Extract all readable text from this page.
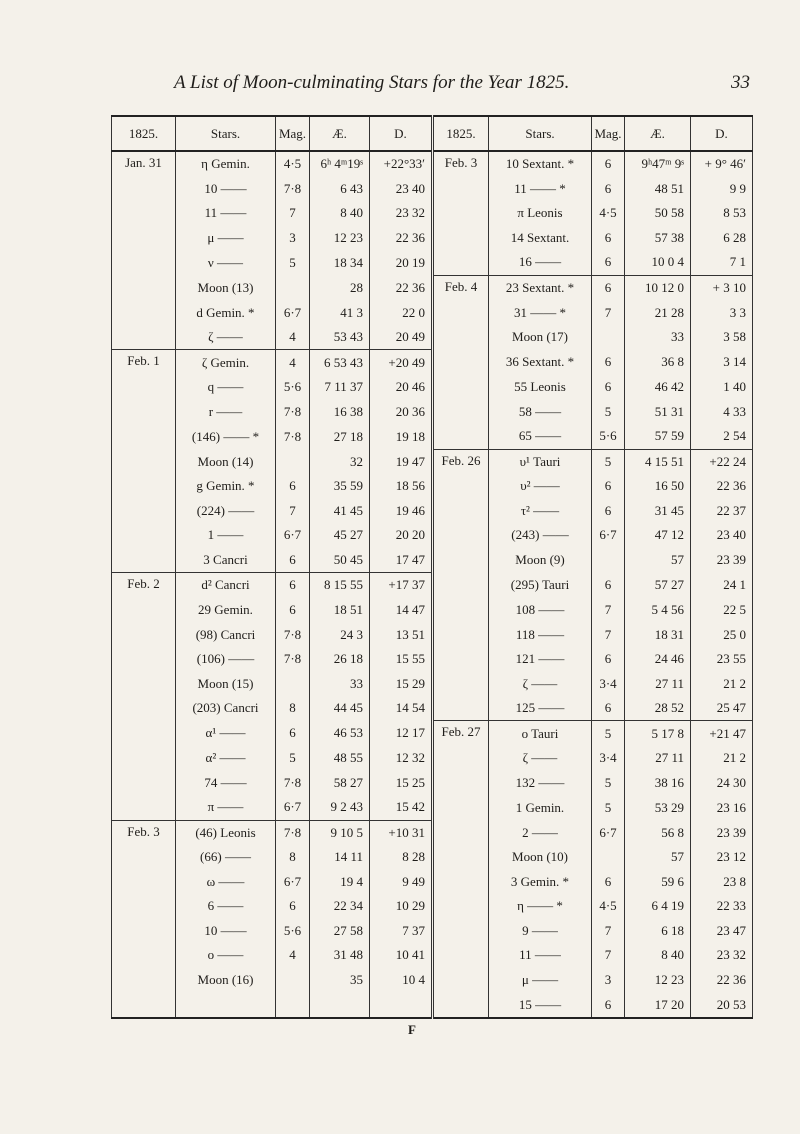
A List of Moon-culminating Stars for the Year 1825.	33
1825.	Stars.	Mag.	Æ.	D.	1825.	Stars.	Mag.	Æ.	D.
Jan. 31	η Gemin.	4·5	6ʰ 4ᵐ19ˢ	+22°33′	Feb. 3	10 Sextant. *	6	9ʰ47ᵐ 9ˢ	+ 9° 46′
	10 ——	7·8	6 43	23 40		11 —— *	6	48 51	9 9
	11 ——	7	8 40	23 32		π Leonis	4·5	50 58	8 53
	μ ——	3	12 23	22 36		14 Sextant.	6	57 38	6 28
	ν ——	5	18 34	20 19		16 ——	6	10 0 4	7 1
	Moon (13)		28	22 36	Feb. 4	23 Sextant. *	6	10 12 0	+ 3 10
	d Gemin. *	6·7	41 3	22 0		31 —— *	7	21 28	3 3
	ζ ——	4	53 43	20 49		Moon (17)		33	3 58
Feb. 1	ζ Gemin.	4	6 53 43	+20 49		36 Sextant. *	6	36 8	3 14
	q ——	5·6	7 11 37	20 46		55 Leonis	6	46 42	1 40
	r ——	7·8	16 38	20 36		58 ——	5	51 31	4 33
	(146) —— *	7·8	27 18	19 18		65 ——	5·6	57 59	2 54
	Moon (14)		32	19 47	Feb. 26	υ¹ Tauri	5	4 15 51	+22 24
	g Gemin. *	6	35 59	18 56		υ² ——	6	16 50	22 36
	(224) ——	7	41 45	19 46		τ² ——	6	31 45	22 37
	1 ——	6·7	45 27	20 20		(243) ——	6·7	47 12	23 40
	3 Cancri	6	50 45	17 47		Moon (9)		57	23 39
Feb. 2	d² Cancri	6	8 15 55	+17 37		(295) Tauri	6	57 27	24 1
	29 Gemin.	6	18 51	14 47		108 ——	7	5 4 56	22 5
	(98) Cancri	7·8	24 3	13 51		118 ——	7	18 31	25 0
	(106) ——	7·8	26 18	15 55		121 ——	6	24 46	23 55
	Moon (15)		33	15 29		ζ ——	3·4	27 11	21 2
	(203) Cancri	8	44 45	14 54		125 ——	6	28 52	25 47
	α¹ ——	6	46 53	12 17	Feb. 27	o Tauri	5	5 17 8	+21 47
	α² ——	5	48 55	12 32		ζ ——	3·4	27 11	21 2
	74 ——	7·8	58 27	15 25		132 ——	5	38 16	24 30
	π ——	6·7	9 2 43	15 42		1 Gemin.	5	53 29	23 16
Feb. 3	(46) Leonis	7·8	9 10 5	+10 31		2 ——	6·7	56 8	23 39
	(66) ——	8	14 11	8 28		Moon (10)		57	23 12
	ω ——	6·7	19 4	9 49		3 Gemin. *	6	59 6	23 8
	6 ——	6	22 34	10 29		η —— *	4·5	6 4 19	22 33
	10 ——	5·6	27 58	7 37		9 ——	7	6 18	23 47
	o ——	4	31 48	10 41		11 ——	7	8 40	23 32
	Moon (16)		35	10 4		μ ——	3	12 23	22 36
						15 ——	6	17 20	20 53
F
